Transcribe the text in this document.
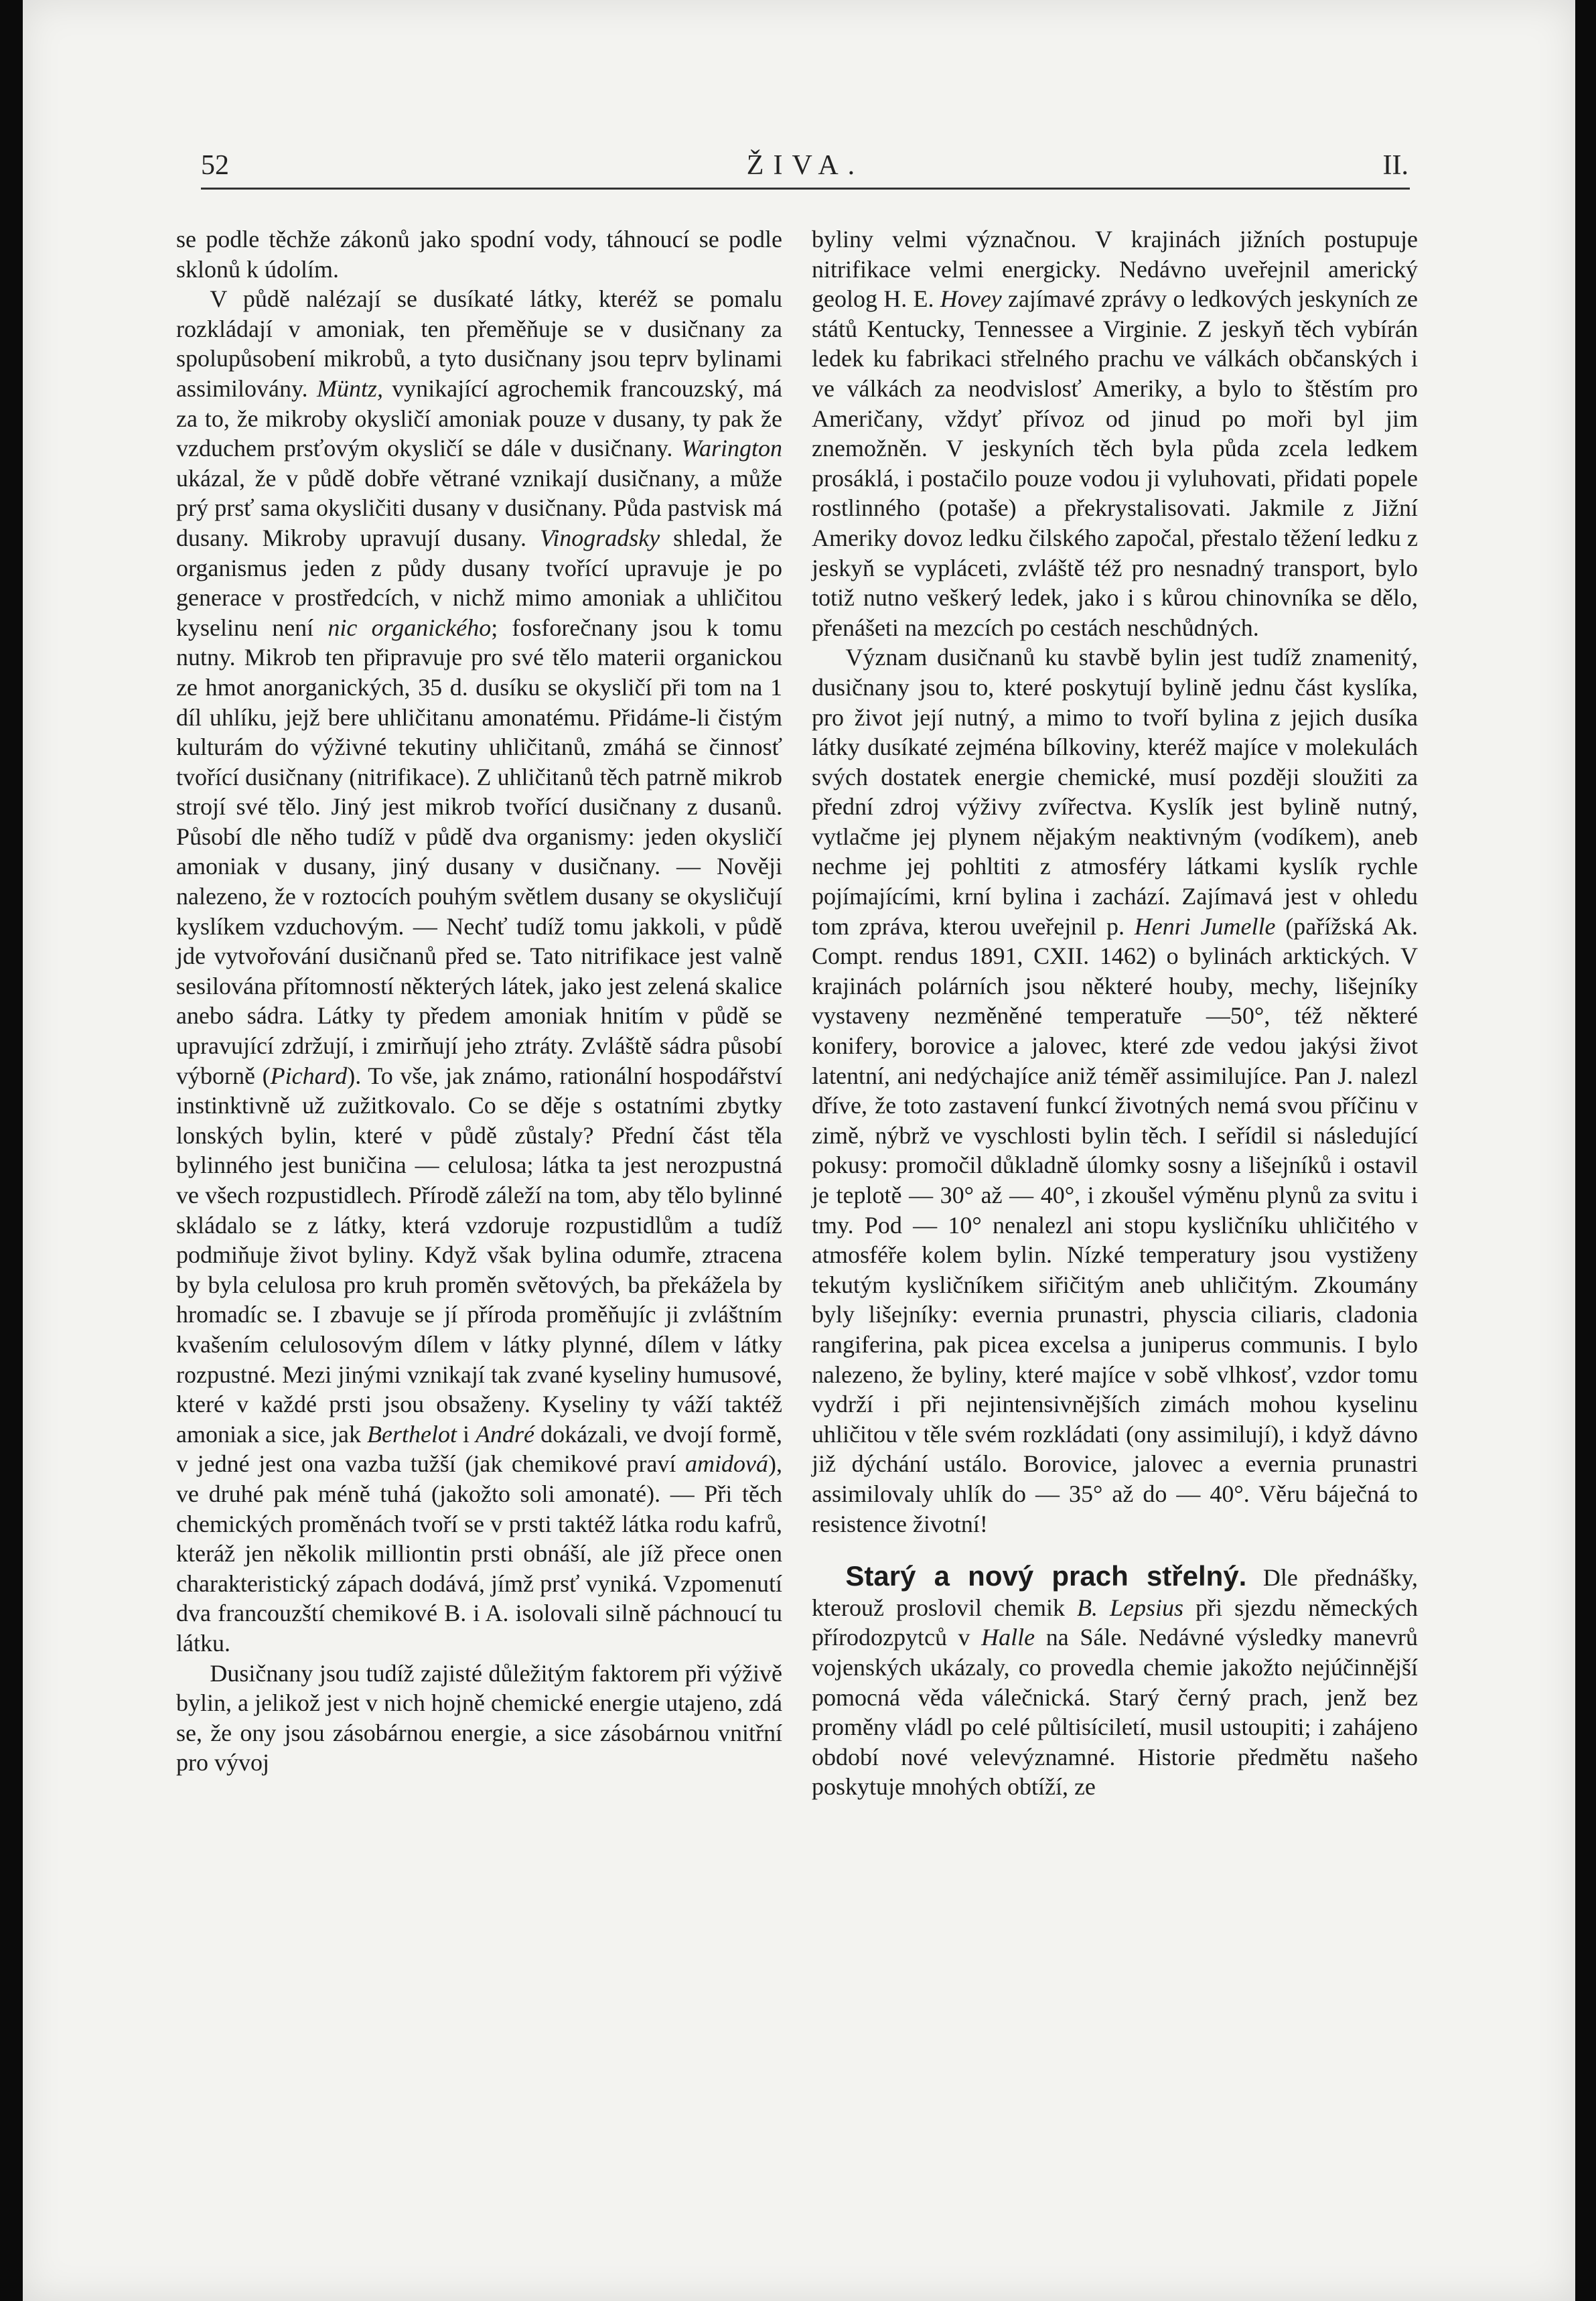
52	ŽIVA.	II.

se podle těchže zákonů jako spodní vody, táhnoucí se podle sklonů k údolím.

V půdě nalézají se dusíkaté látky, kteréž se pomalu rozkládají v amoniak, ten přeměňuje se v dusičnany za spolupůsobení mikrobů, a tyto dusičnany jsou teprv bylinami assimilovány. Müntz, vynikající agrochemik francouzský, má za to, že mikroby okysličí amoniak pouze v dusany, ty pak že vzduchem prsťovým okysličí se dále v dusičnany. Warington ukázal, že v půdě dobře větrané vznikají dusičnany, a může prý prsť sama okysličiti dusany v dusičnany. Půda pastvisk má dusany. Mikroby upravují dusany. Vinogradsky shledal, že organismus jeden z půdy dusany tvořící upravuje je po generace v prostředcích, v nichž mimo amoniak a uhličitou kyselinu není nic organického; fosforečnany jsou k tomu nutny. Mikrob ten připravuje pro své tělo materii organickou ze hmot anorganických, 35 d. dusíku se okysličí při tom na 1 díl uhlíku, jejž bere uhličitanu amonatému. Přidáme-li čistým kulturám do výživné tekutiny uhličitanů, zmáhá se činnosť tvořící dusičnany (nitrifikace). Z uhličitanů těch patrně mikrob strojí své tělo. Jiný jest mikrob tvořící dusičnany z dusanů. Působí dle něho tudíž v půdě dva organismy: jeden okysličí amoniak v dusany, jiný dusany v dusičnany. — Nověji nalezeno, že v roztocích pouhým světlem dusany se okysličují kyslíkem vzduchovým. — Nechť tudíž tomu jakkoli, v půdě jde vytvořování dusičnanů před se. Tato nitrifikace jest valně sesilována přítomností některých látek, jako jest zelená skalice anebo sádra. Látky ty předem amoniak hnitím v půdě se upravující zdržují, i zmirňují jeho ztráty. Zvláště sádra působí výborně (Pichard). To vše, jak známo, rationální hospodářství instinktivně už zužitkovalo. Co se děje s ostatními zbytky lonských bylin, které v půdě zůstaly? Přední část těla bylinného jest buničina — celulosa; látka ta jest nerozpustná ve všech rozpustidlech. Přírodě záleží na tom, aby tělo bylinné skládalo se z látky, která vzdoruje rozpustidlům a tudíž podmiňuje život byliny. Když však bylina odumře, ztracena by byla celulosa pro kruh proměn světových, ba překážela by hromadíc se. I zbavuje se jí příroda proměňujíc ji zvláštním kvašením celulosovým dílem v látky plynné, dílem v látky rozpustné. Mezi jinými vznikají tak zvané kyseliny humusové, které v každé prsti jsou obsaženy. Kyseliny ty váží taktéž amoniak a sice, jak Berthelot i André dokázali, ve dvojí formě, v jedné jest ona vazba tužší (jak chemikové praví amidová), ve druhé pak méně tuhá (jakožto soli amonaté). — Při těch chemických proměnách tvoří se v prsti taktéž látka rodu kafrů, kteráž jen několik milliontin prsti obnáší, ale jíž přece onen charakteristický zápach dodává, jímž prsť vyniká. Vzpomenutí dva francouzští chemikové B. i A. isolovali silně páchnoucí tu látku.

Dusičnany jsou tudíž zajisté důležitým faktorem při výživě bylin, a jelikož jest v nich hojně chemické energie utajeno, zdá se, že ony jsou zásobárnou energie, a sice zásobárnou vnitřní pro vývoj

byliny velmi význačnou. V krajinách jižních postupuje nitrifikace velmi energicky. Nedávno uveřejnil americký geolog H. E. Hovey zajímavé zprávy o ledkových jeskyních ze států Kentucky, Tennessee a Virginie. Z jeskyň těch vybírán ledek ku fabrikaci střelného prachu ve válkách občanských i ve válkách za neodvislosť Ameriky, a bylo to štěstím pro Američany, vždyť přívoz od jinud po moři byl jim znemožněn. V jeskyních těch byla půda zcela ledkem prosáklá, i postačilo pouze vodou ji vyluhovati, přidati popele rostlinného (potaše) a překrystalisovati. Jakmile z Jižní Ameriky dovoz ledku čilského započal, přestalo těžení ledku z jeskyň se vypláceti, zvláště též pro nesnadný transport, bylo totiž nutno veškerý ledek, jako i s kůrou chinovníka se dělo, přenášeti na mezcích po cestách neschůdných.

Význam dusičnanů ku stavbě bylin jest tudíž znamenitý, dusičnany jsou to, které poskytují bylině jednu část kyslíka, pro život její nutný, a mimo to tvoří bylina z jejich dusíka látky dusíkaté zejména bílkoviny, kteréž majíce v molekulách svých dostatek energie chemické, musí později sloužiti za přední zdroj výživy zvířectva. Kyslík jest bylině nutný, vytlačme jej plynem nějakým neaktivným (vodíkem), aneb nechme jej pohltiti z atmosféry látkami kyslík rychle pojímajícími, krní bylina i zachází. Zajímavá jest v ohledu tom zpráva, kterou uveřejnil p. Henri Jumelle (pařížská Ak. Compt. rendus 1891, CXII. 1462) o bylinách arktických. V krajinách polárních jsou některé houby, mechy, lišejníky vystaveny nezměněné temperatuře —50°, též některé konifery, borovice a jalovec, které zde vedou jakýsi život latentní, ani nedýchajíce aniž téměř assimilujíce. Pan J. nalezl dříve, že toto zastavení funkcí životných nemá svou příčinu v zimě, nýbrž ve vyschlosti bylin těch. I seřídil si následující pokusy: promočil důkladně úlomky sosny a lišejníků i ostavil je teplotě — 30° až — 40°, i zkoušel výměnu plynů za svitu i tmy. Pod — 10° nenalezl ani stopu kysličníku uhličitého v atmosféře kolem bylin. Nízké temperatury jsou vystiženy tekutým kysličníkem siřičitým aneb uhličitým. Zkoumány byly lišejníky: evernia prunastri, physcia ciliaris, cladonia rangiferina, pak picea excelsa a juniperus communis. I bylo nalezeno, že byliny, které majíce v sobě vlhkosť, vzdor tomu vydrží i při nejintensivnějších zimách mohou kyselinu uhličitou v těle svém rozkládati (ony assimilují), i když dávno již dýchání ustálo. Borovice, jalovec a evernia prunastri assimilovaly uhlík do — 35° až do — 40°. Věru báječná to resistence životní!

Starý a nový prach střelný. Dle přednášky, kterouž proslovil chemik B. Lepsius při sjezdu německých přírodozpytců v Halle na Sále. Nedávné výsledky manevrů vojenských ukázaly, co provedla chemie jakožto nejúčinnější pomocná věda válečnická. Starý černý prach, jenž bez proměny vládl po celé půltisíciletí, musil ustoupiti; i zahájeno období nové velevýznamné. Historie předmětu našeho poskytuje mnohých obtíží, ze
